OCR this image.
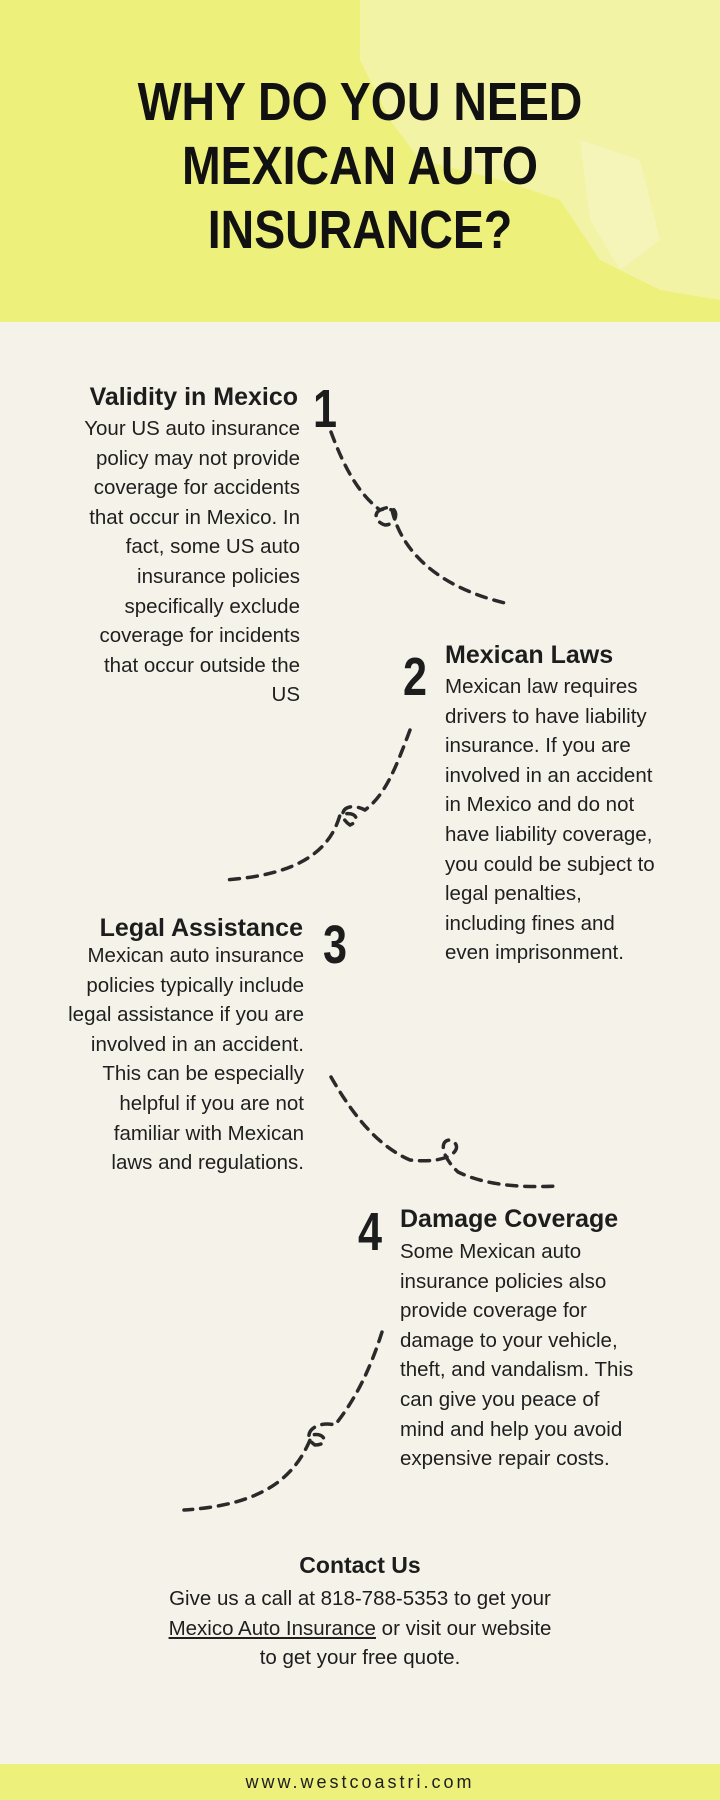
WHY DO YOU NEED
MEXICAN AUTO
INSURANCE?
Validity in Mexico 1
Your US auto insurance
policy may not provide
coverage for accidents
that occur in Mexico. In
fact, some US auto
insurance policies
specifically exclude
coverage for incidents
that occur outside the
US 2 Mexican Laws
Mexican law requires
drivers to have liability
insurance. If you are
involved in an accident
in Mexico and do not
have liability coverage,
you could be subject to
legal penalties,
including fines and
even imprisonment.
Legal Assistance 3
Mexican auto insurance
policies typically include
legal assistance if you are
involved in an accident.
This can be especially
helpful if you are not
familiar with Mexican
laws and regulations.
4 Damage Coverage
Some Mexican auto
insurance policies also
provide coverage for
damage to your vehicle,
theft, and vandalism. This
can give you peace of
mind and help you avoid
expensive repair costs.
Contact Us
Give us a call at 818-788-5353 to get your
Mexico Auto Insurance or visit our website
to get your free quote.
www.westcoastri.com
